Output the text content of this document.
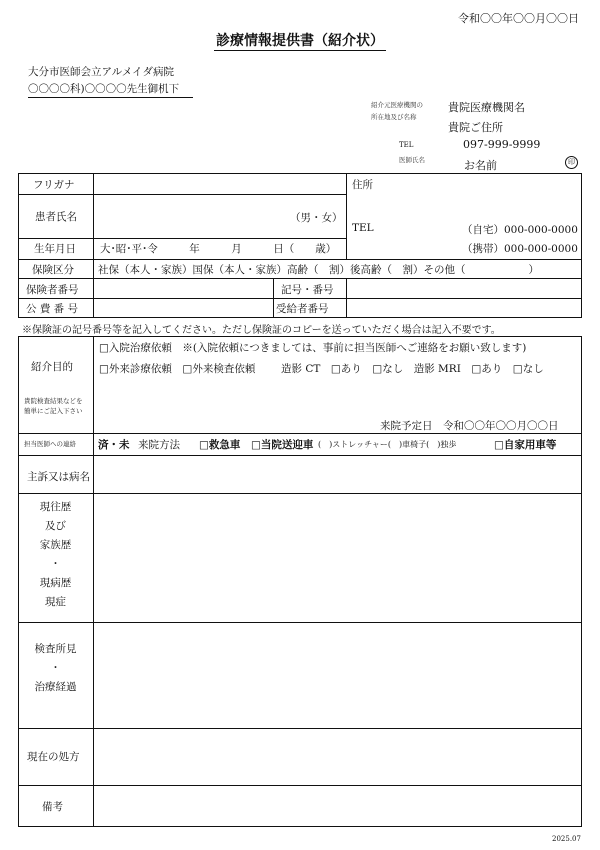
令和〇〇年〇〇月〇〇日
診療情報提供書（紹介状）
大分市医師会立アルメイダ病院
〇〇〇〇科)〇〇〇〇先生御机下
紹介元医療機関の
所在地及び名称
貴院医療機関名
貴院ご住所
TEL	097-999-9999
医師氏名	お名前	印
フリガナ
患者氏名	（男・女）
生年月日 大･昭･平･令　　　年　　　月　　　日（　　歳）
住所
TEL	（自宅）000-000-0000
（携帯）000-000-0000
保険区分 社保（本人・家族）国保（本人・家族）高齢（　割）後高齢（　割）その他（　　　　　　）
保険者番号	記号・番号
公 費 番 号	受給者番号
※保険証の記号番号等を記入してください。ただし保険証のコピーを送っていただく場合は記入不要です。
紹介目的
貴院検査結果などを
簡単にご記入下さい
□入院治療依頼　※(入院依頼につきましては、事前に担当医師へご連絡をお願い致します)
□外来診療依頼　□外来検査依頼 造影 CT　□あり　□なし　造影 MRI　□あり　□なし
来院予定日　令和〇〇年〇〇月〇〇日
担当医師への連絡 済・未 来院方法 □救急車 □当院送迎車 (　)ストレッチャー(　)車椅子(　)独歩	□自家用車等
主訴又は病名
現往歴
及び
家族歴
・
現病歴
現症
検査所見
・
治療経過
現在の処方
備考
2025.07
